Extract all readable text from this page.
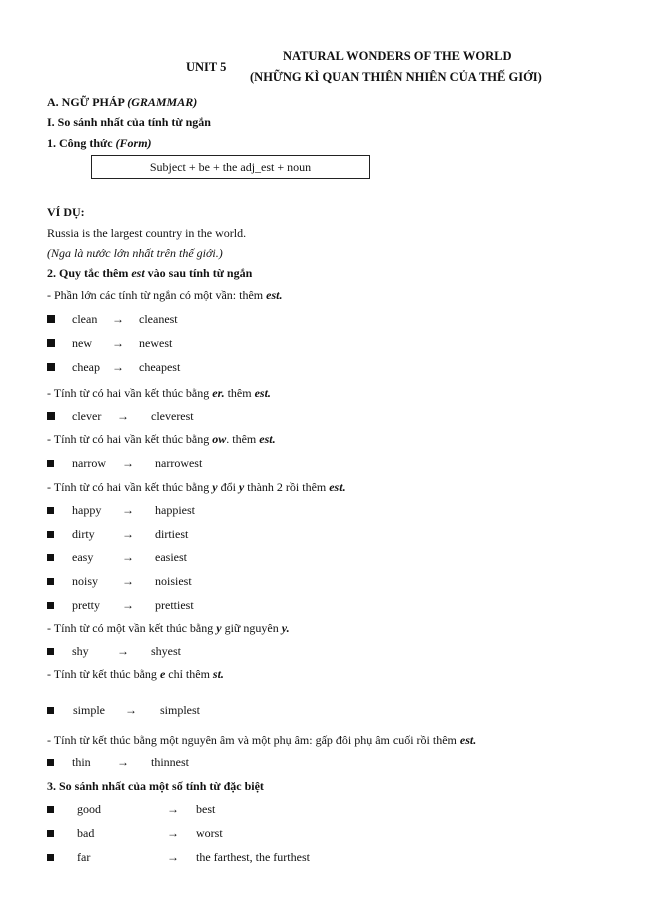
UNIT 5
NATURAL WONDERS OF THE WORLD
(NHỮNG KÌ QUAN THIÊN NHIÊN CỦA THẾ GIỚI)
A. NGỮ PHÁP (GRAMMAR)
I. So sánh nhất của tính từ ngắn
1. Công thức (Form)
Subject + be + the adj_est + noun
VÍ DỤ:
Russia is the largest country in the world.
(Nga là nước lớn nhất trên thế giới.)
2. Quy tắc thêm est vào sau tính từ ngắn
- Phần lớn các tính từ ngắn có một vần: thêm est.
clean → cleanest
new → newest
cheap → cheapest
- Tính từ có hai vần kết thúc bằng er. thêm est.
clever → cleverest
- Tính từ có hai vần kết thúc bằng ow. thêm est.
narrow → narrowest
- Tính từ có hai vần kết thúc bằng y đổi y thành 2 rồi thêm est.
happy → happiest
dirty → dirtiest
easy → easiest
noisy → noisiest
pretty → prettiest
- Tính từ có một vần kết thúc bằng y giữ nguyên y.
shy → shyest
- Tính từ kết thúc bằng e chỉ thêm st.
simple → simplest
- Tính từ kết thúc bằng một nguyên âm và một phụ âm: gấp đôi phụ âm cuối rồi thêm est.
thin → thinnest
3. So sánh nhất của một số tính từ đặc biệt
good	→ best
bad	→ worst
far	→ the farthest, the furthest
